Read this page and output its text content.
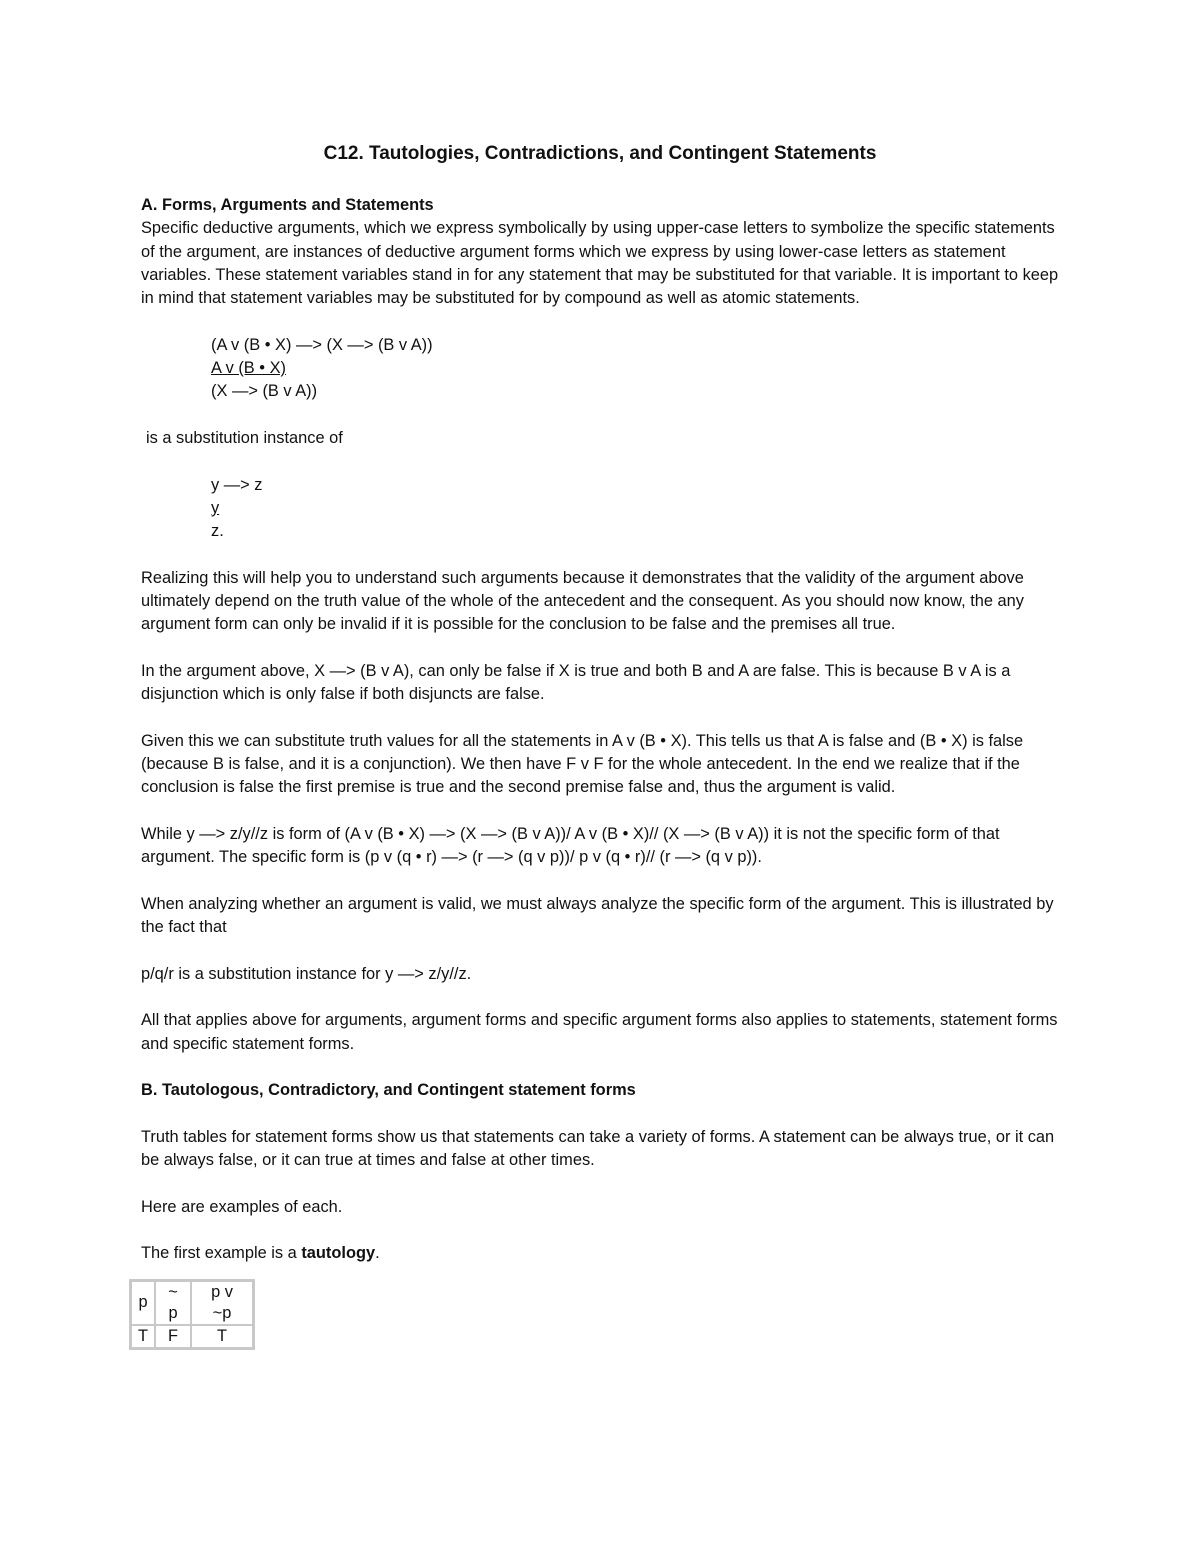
C12. Tautologies, Contradictions, and Contingent Statements
A. Forms, Arguments and Statements

Specific deductive arguments, which we express symbolically by using upper-case letters to symbolize the specific statements of the argument, are instances of deductive argument forms which we express by using lower-case letters as statement variables. These statement variables stand in for any statement that may be substituted for that variable. It is important to keep in mind that statement variables may be substituted for by compound as well as atomic statements.

(A v (B • X) —> (X —> (B v A))
A v (B • X)
(X —> (B v A))

is a substitution instance of

y —> z
y
z.

Realizing this will help you to understand such arguments because it demonstrates that the validity of the argument above ultimately depend on the truth value of the whole of the antecedent and the consequent. As you should now know, the any argument form can only be invalid if it is possible for the conclusion to be false and the premises all true.

In the argument above, X —> (B v A), can only be false if X is true and both B and A are false. This is because B v A is a disjunction which is only false if both disjuncts are false.

Given this we can substitute truth values for all the statements in A v (B • X). This tells us that A is false and (B • X) is false (because B is false, and it is a conjunction). We then have F v F for the whole antecedent. In the end we realize that if the conclusion is false the first premise is true and the second premise false and, thus the argument is valid.

While y —> z/y//z is form of (A v (B • X) —> (X —> (B v A))/ A v (B • X)// (X —> (B v A)) it is not the specific form of that argument. The specific form is (p v (q • r) —> (r —> (q v p))/ p v (q • r)// (r —> (q v p)).

When analyzing whether an argument is valid, we must always analyze the specific form of the argument. This is illustrated by the fact that

p/q/r is a substitution instance for y —> z/y//z.

All that applies above for arguments, argument forms and specific argument forms also applies to statements, statement forms and specific statement forms.

B. Tautologous, Contradictory, and Contingent statement forms

Truth tables for statement forms show us that statements can take a variety of forms. A statement can be always true, or it can be always false, or it can true at times and false at other times.

Here are examples of each.

The first example is a tautology.

p	~ p	p v ~p

T	F	T
